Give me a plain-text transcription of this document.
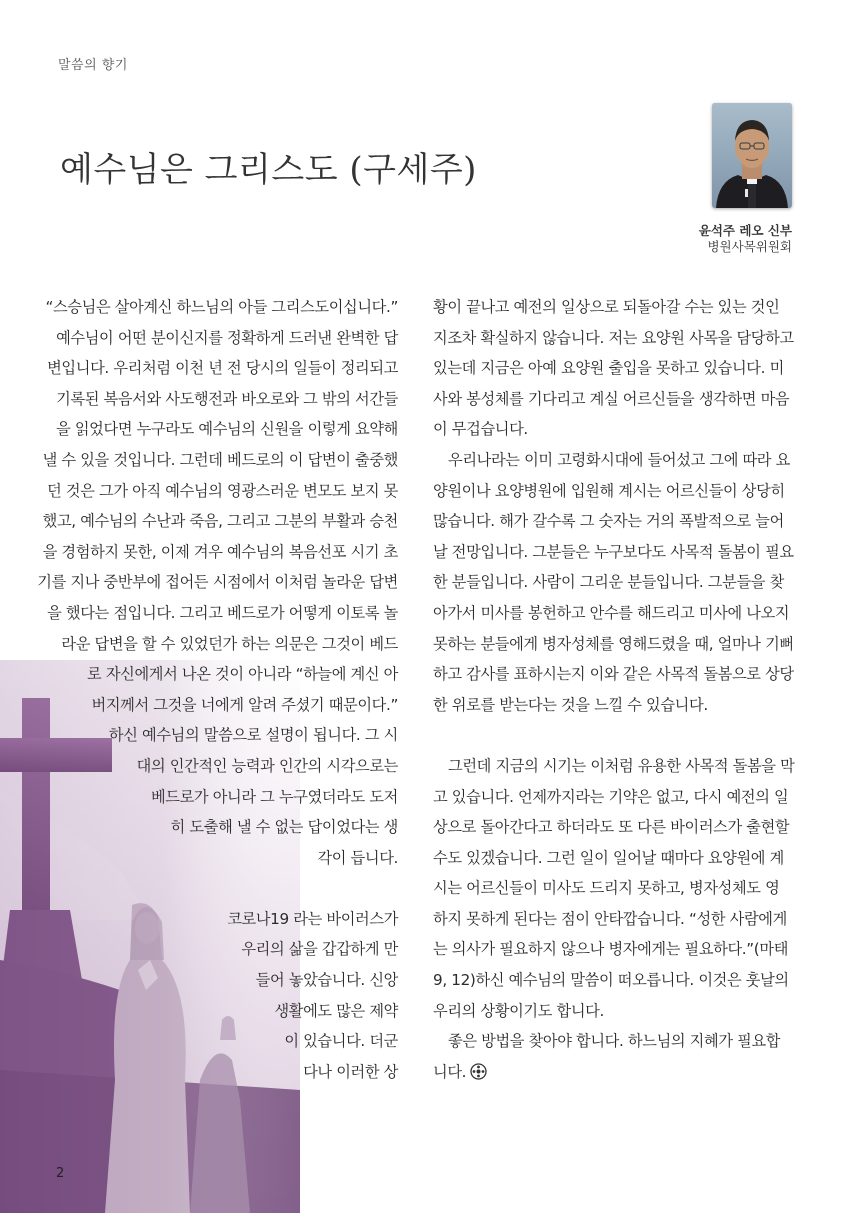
말씀의 향기
예수님은 그리스도 (구세주)
윤석주 레오 신부
병원사목위원회
“스승님은 살아계신 하느님의 아들 그리스도이십니다.”
예수님이 어떤 분이신지를 정확하게 드러낸 완벽한 답
변입니다. 우리처럼 이천 년 전 당시의 일들이 정리되고
기록된 복음서와 사도행전과 바오로와 그 밖의 서간들
을 읽었다면 누구라도 예수님의 신원을 이렇게 요약해
낼 수 있을 것입니다. 그런데 베드로의 이 답변이 출중했
던 것은 그가 아직 예수님의 영광스러운 변모도 보지 못
했고, 예수님의 수난과 죽음, 그리고 그분의 부활과 승천
을 경험하지 못한, 이제 겨우 예수님의 복음선포 시기 초
기를 지나 중반부에 접어든 시점에서 이처럼 놀라운 답변
을 했다는 점입니다. 그리고 베드로가 어떻게 이토록 놀
라운 답변을 할 수 있었던가 하는 의문은 그것이 베드
로 자신에게서 나온 것이 아니라 “하늘에 계신 아
버지께서 그것을 너에게 알려 주셨기 때문이다.”
하신 예수님의 말씀으로 설명이 됩니다. 그 시
대의 인간적인 능력과 인간의 시각으로는
베드로가 아니라 그 누구였더라도 도저
히 도출해 낼 수 없는 답이었다는 생
각이 듭니다.
코로나19 라는 바이러스가
우리의 삶을 갑갑하게 만
들어 놓았습니다. 신앙
생활에도 많은 제약
이 있습니다. 더군
다나 이러한 상
황이 끝나고 예전의 일상으로 되돌아갈 수는 있는 것인
지조차 확실하지 않습니다. 저는 요양원 사목을 담당하고
있는데 지금은 아예 요양원 출입을 못하고 있습니다. 미
사와 봉성체를 기다리고 계실 어르신들을 생각하면 마음
이 무겁습니다.
우리나라는 이미 고령화시대에 들어섰고 그에 따라 요
양원이나 요양병원에 입원해 계시는 어르신들이 상당히
많습니다. 해가 갈수록 그 숫자는 거의 폭발적으로 늘어
날 전망입니다. 그분들은 누구보다도 사목적 돌봄이 필요
한 분들입니다. 사람이 그리운 분들입니다. 그분들을 찾
아가서 미사를 봉헌하고 안수를 해드리고 미사에 나오지
못하는 분들에게 병자성체를 영해드렸을 때, 얼마나 기뻐
하고 감사를 표하시는지 이와 같은 사목적 돌봄으로 상당
한 위로를 받는다는 것을 느낄 수 있습니다.
그런데 지금의 시기는 이처럼 유용한 사목적 돌봄을 막
고 있습니다. 언제까지라는 기약은 없고, 다시 예전의 일
상으로 돌아간다고 하더라도 또 다른 바이러스가 출현할
수도 있겠습니다. 그런 일이 일어날 때마다 요양원에 계
시는 어르신들이 미사도 드리지 못하고, 병자성체도 영
하지 못하게 된다는 점이 안타깝습니다. “성한 사람에게
는 의사가 필요하지 않으나 병자에게는 필요하다.”(마태
9, 12)하신 예수님의 말씀이 떠오릅니다. 이것은 훗날의
우리의 상황이기도 합니다.
좋은 방법을 찾아야 합니다. 하느님의 지혜가 필요합
니다.
2
